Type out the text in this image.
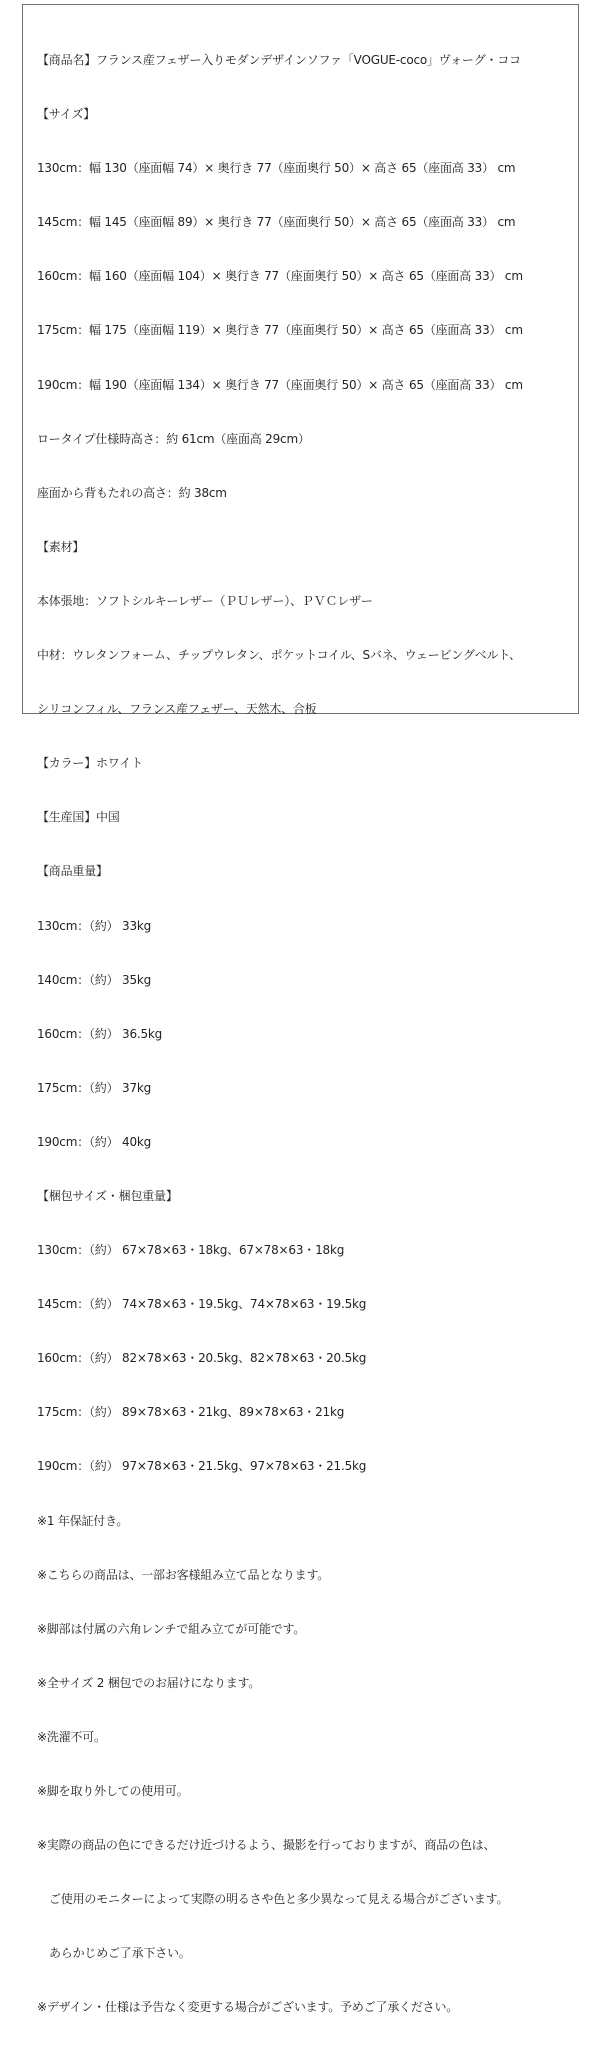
【商品名】フランス産フェザー入りモダンデザインソファ「VOGUE-coco」ヴォーグ・ココ

【サイズ】

130cm：幅 130（座面幅 74）× 奥行き 77（座面奥行 50）× 高さ 65（座面高 33） cm

145cm：幅 145（座面幅 89）× 奥行き 77（座面奥行 50）× 高さ 65（座面高 33） cm

160cm：幅 160（座面幅 104）× 奥行き 77（座面奥行 50）× 高さ 65（座面高 33） cm

175cm：幅 175（座面幅 119）× 奥行き 77（座面奥行 50）× 高さ 65（座面高 33） cm

190cm：幅 190（座面幅 134）× 奥行き 77（座面奥行 50）× 高さ 65（座面高 33） cm

ロータイプ仕様時高さ：約 61cm（座面高 29cm）

座面から背もたれの高さ：約 38cm

【素材】

本体張地：ソフトシルキーレザー（ＰＵレザー）、ＰＶＣレザー

中材：ウレタンフォーム、チップウレタン、ポケットコイル、Sバネ、ウェービングベルト、

シリコンフィル、フランス産フェザー、天然木、合板

【カラー】ホワイト

【生産国】中国

【商品重量】

130cm：（約） 33kg

140cm：（約） 35kg

160cm：（約） 36.5kg

175cm：（約） 37kg

190cm：（約） 40kg

【梱包サイズ・梱包重量】

130cm：（約） 67×78×63・18kg、67×78×63・18kg

145cm：（約） 74×78×63・19.5kg、74×78×63・19.5kg

160cm：（約） 82×78×63・20.5kg、82×78×63・20.5kg

175cm：（約） 89×78×63・21kg、89×78×63・21kg

190cm：（約） 97×78×63・21.5kg、97×78×63・21.5kg

※1 年保証付き。

※こちらの商品は、一部お客様組み立て品となります。

※脚部は付属の六角レンチで組み立てが可能です。

※全サイズ 2 梱包でのお届けになります。

※洗濯不可。

※脚を取り外しての使用可。

※実際の商品の色にできるだけ近づけるよう、撮影を行っておりますが、商品の色は、

ご使用のモニターによって実際の明るさや色と多少異なって見える場合がございます。

あらかじめご了承下さい。

※デザイン・仕様は予告なく変更する場合がございます。予めご了承ください。
